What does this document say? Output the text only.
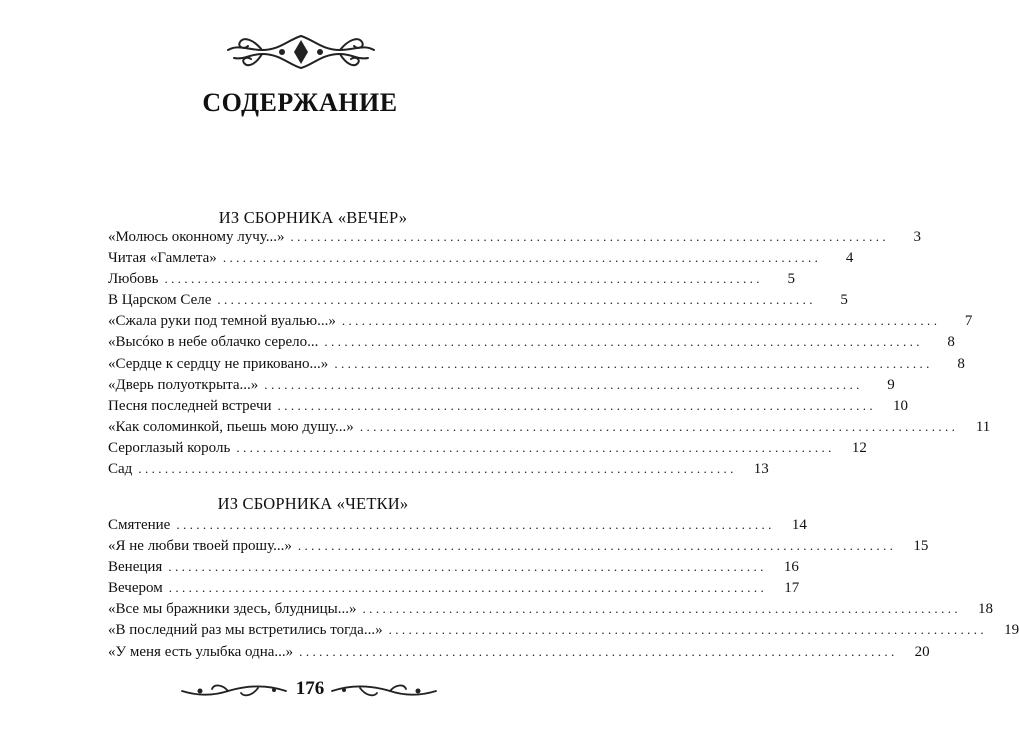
СОДЕРЖАНИЕ
ИЗ СБОРНИКА «ВЕЧЕР»
«Молюсь оконному лучу...» ..........................................................................................	3
Читая «Гамлета» ..........................................................................................	4
Любовь ..........................................................................................	5
В Царском Селе ..........................................................................................	5
«Сжала руки под темной вуалью...» ..........................................................................................	7
«Высóко в небе облачко серело... ..........................................................................................	8
«Сердце к сердцу не приковано...» ..........................................................................................	8
«Дверь полуоткрыта...» ..........................................................................................	9
Песня последней встречи ..........................................................................................	10
«Как соломинкой, пьешь мою душу...» ..........................................................................................	11
Сероглазый король ..........................................................................................	12
Сад ..........................................................................................	13
ИЗ СБОРНИКА «ЧЕТКИ»
Смятение ..........................................................................................	14
«Я не любви твоей прошу...» ..........................................................................................	15
Венеция ..........................................................................................	16
Вечером ..........................................................................................	17
«Все мы бражники здесь, блудницы...» ..........................................................................................	18
«В последний раз мы встретились тогда...» ..........................................................................................	19
«У меня есть улыбка одна...» ..........................................................................................	20
176
